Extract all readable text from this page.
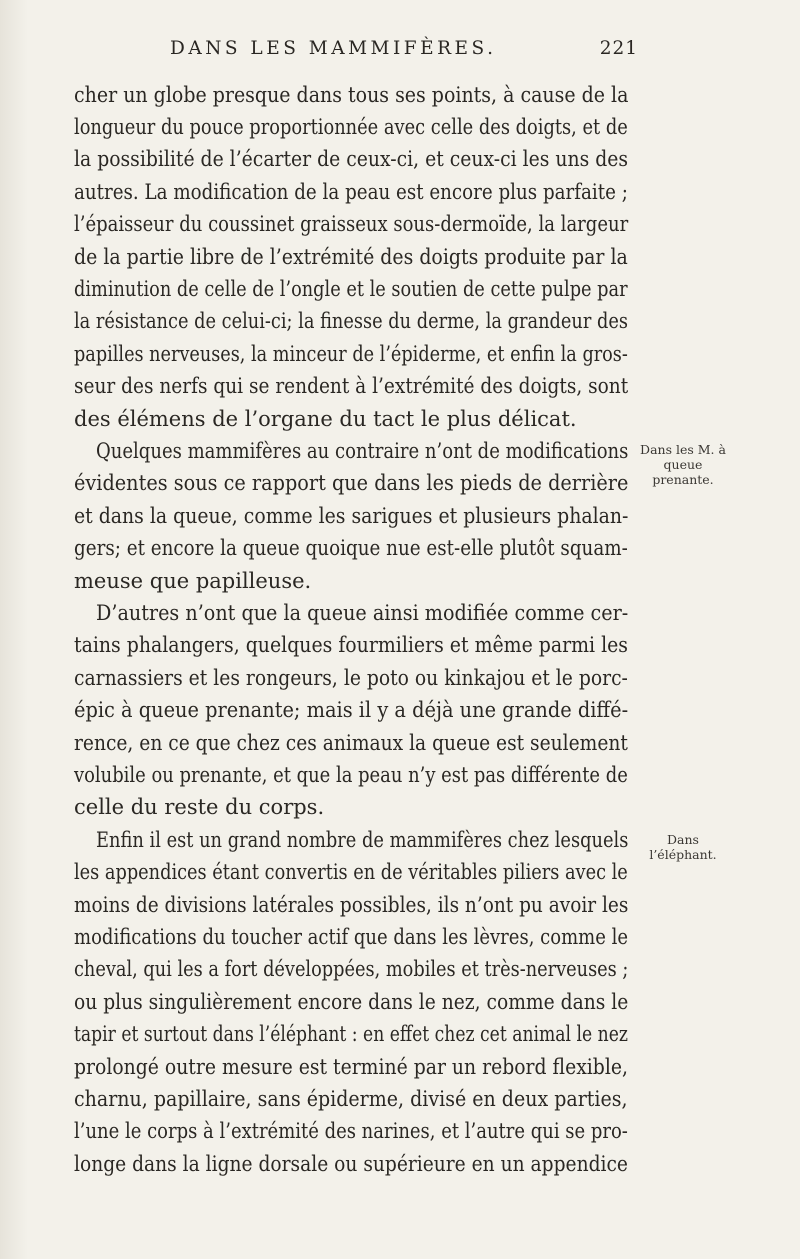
DANS LES MAMMIFÈRES.	221
cher un globe presque dans tous ses points, à cause de la
longueur du pouce proportionnée avec celle des doigts, et de
la possibilité de l’écarter de ceux-ci, et ceux-ci les uns des
autres. La modification de la peau est encore plus parfaite ;
l’épaisseur du coussinet graisseux sous-dermoïde, la largeur
de la partie libre de l’extrémité des doigts produite par la
diminution de celle de l’ongle et le soutien de cette pulpe par
la résistance de celui-ci; la finesse du derme, la grandeur des
papilles nerveuses, la minceur de l’épiderme, et enfin la gros-
seur des nerfs qui se rendent à l’extrémité des doigts, sont
des élémens de l’organe du tact le plus délicat.
Quelques mammifères au contraire n’ont de modifications
évidentes sous ce rapport que dans les pieds de derrière
et dans la queue, comme les sarigues et plusieurs phalan-
gers; et encore la queue quoique nue est-elle plutôt squam-
meuse que papilleuse.
D’autres n’ont que la queue ainsi modifiée comme cer-
tains phalangers, quelques fourmiliers et même parmi les
carnassiers et les rongeurs, le poto ou kinkajou et le porc-
épic à queue prenante; mais il y a déjà une grande diffé-
rence, en ce que chez ces animaux la queue est seulement
volubile ou prenante, et que la peau n’y est pas différente de
celle du reste du corps.
Enfin il est un grand nombre de mammifères chez lesquels
les appendices étant convertis en de véritables piliers avec le
moins de divisions latérales possibles, ils n’ont pu avoir les
modifications du toucher actif que dans les lèvres, comme le
cheval, qui les a fort développées, mobiles et très-nerveuses ;
ou plus singulièrement encore dans le nez, comme dans le
tapir et surtout dans l’éléphant : en effet chez cet animal le nez
prolongé outre mesure est terminé par un rebord flexible,
charnu, papillaire, sans épiderme, divisé en deux parties,
l’une le corps à l’extrémité des narines, et l’autre qui se pro-
longe dans la ligne dorsale ou supérieure en un appendice
Dans les M. à
queue
prenante.
Dans
l’éléphant.
